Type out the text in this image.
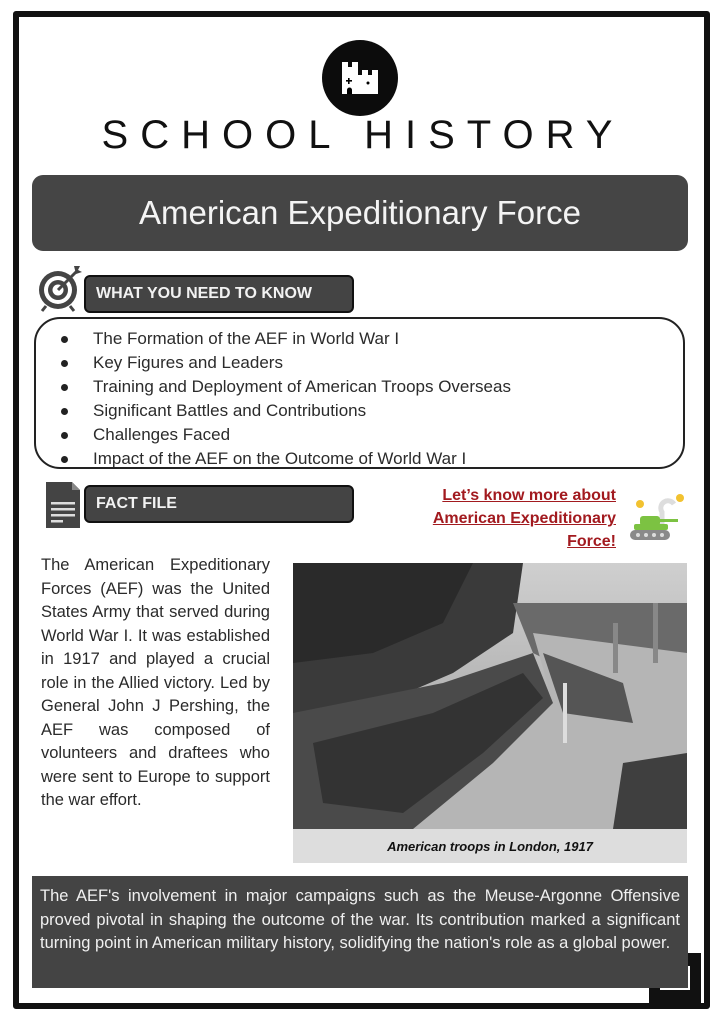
SCHOOL HISTORY
American Expeditionary Force
WHAT YOU NEED TO KNOW
The Formation of the AEF in World War I
Key Figures and Leaders
Training and Deployment of American Troops Overseas
Significant Battles and Contributions
Challenges Faced
Impact of the AEF on the Outcome of World War I
FACT FILE	Let’s know more about American Expeditionary Force!
The American Expeditionary Forces (AEF) was the United States Army that served during World War I. It was established in 1917 and played a crucial role in the Allied victory. Led by General John J Pershing, the AEF was composed of volunteers and draftees who were sent to Europe to support the war effort.
American troops in London, 1917
The AEF's involvement in major campaigns such as the Meuse-Argonne Offensive proved pivotal in shaping the outcome of the war. Its contribution marked a significant turning point in American military history, solidifying the nation's role as a global power.
